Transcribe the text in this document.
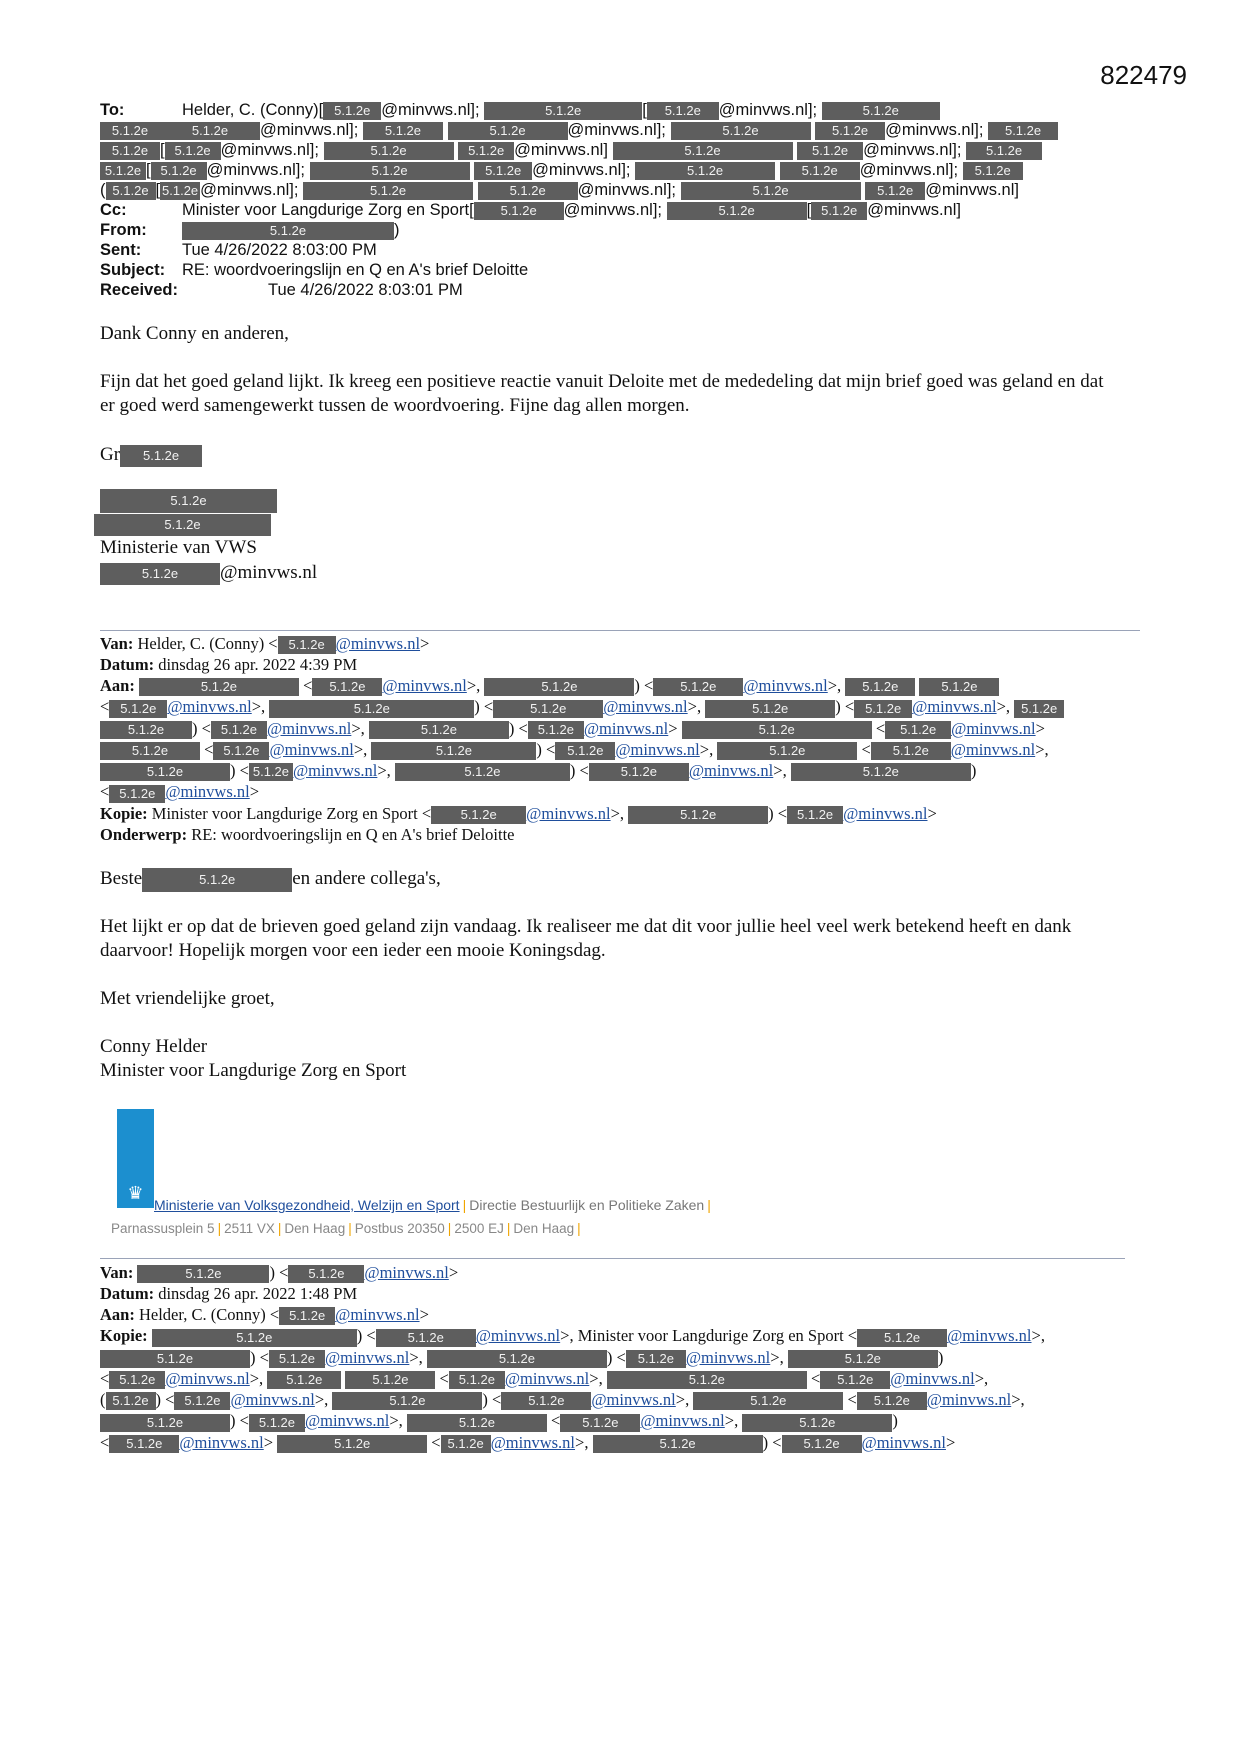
822479
To:	Helder, C. (Conny)[ 5.1.2e @minvws.nl];	5.1.2e	[ 5.1.2e @minvws.nl];	5.1.2e
5.1.2e	5.1.2e @minvws.nl]; 5.1.2e	5.1.2e	@minvws.nl];	5.1.2e	5.1.2e @minvws.nl]; 5.1.2e
5.1.2e [ 5.1.2e @minvws.nl];	5.1.2e	5.1.2e @minvws.nl]	5.1.2e	5.1.2e @minvws.nl]; 5.1.2e
5.1.2e [ 5.1.2e @minvws.nl];	5.1.2e	5.1.2e @minvws.nl];	5.1.2e	5.1.2e @minvws.nl]; 5.1.2e
( 5.1.2e [ 5.1.2e @minvws.nl];	5.1.2e	5.1.2e @minvws.nl];	5.1.2e	5.1.2e @minvws.nl]
Cc:	Minister voor Langdurige Zorg en Sport[ 5.1.2e @minvws.nl];	5.1.2e	[ 5.1.2e @minvws.nl]
From:	5.1.2e	)
Sent:	Tue 4/26/2022 8:03:00 PM
Subject:	RE: woordvoeringslijn en Q en A's brief Deloitte
Received:	Tue 4/26/2022 8:03:01 PM
Dank Conny en anderen,
Fijn dat het goed geland lijkt. Ik kreeg een positieve reactie vanuit Deloite met de mededeling dat mijn brief goed was geland en dat er goed werd samengewerkt tussen de woordvoering. Fijne dag allen morgen.
Gr 5.1.2e
5.1.2e
5.1.2e
Ministerie van VWS
5.1.2e @minvws.nl
Van: Helder, C. (Conny) < 5.1.2e @minvws.nl>
Datum: dinsdag 26 apr. 2022 4:39 PM
Aan:	5.1.2e	< 5.1.2e @minvws.nl>,	5.1.2e	) < 5.1.2e @minvws.nl>, 5.1.2e	5.1.2e
< 5.1.2e @minvws.nl>,	5.1.2e	) <	5.1.2e @minvws.nl>,	5.1.2e	) < 5.1.2e @minvws.nl>, 5.1.2e
5.1.2e ) < 5.1.2e @minvws.nl>,	5.1.2e	) < 5.1.2e @minvws.nl>	5.1.2e	< 5.1.2e @minvws.nl>
5.1.2e < 5.1.2e @minvws.nl>,	5.1.2e	) < 5.1.2e @minvws.nl>,	5.1.2e	< 5.1.2e @minvws.nl>,
5.1.2e	) < 5.1.2e @minvws.nl>,	5.1.2e	) < 5.1.2e @minvws.nl>,	5.1.2e	)
< 5.1.2e @minvws.nl>
Kopie: Minister voor Langdurige Zorg en Sport < 5.1.2e @minvws.nl>,	5.1.2e	) < 5.1.2e @minvws.nl>
Onderwerp: RE: woordvoeringslijn en Q en A's brief Deloitte
Beste	5.1.2e	en andere collega's,
Het lijkt er op dat de brieven goed geland zijn vandaag. Ik realiseer me dat dit voor jullie heel veel werk betekend heeft en dank daarvoor! Hopelijk morgen voor een ieder een mooie Koningsdag.
Met vriendelijke groet,
Conny Helder
Minister voor Langdurige Zorg en Sport
♛
Ministerie van Volksgezondheid, Welzijn en Sport | Directie Bestuurlijk en Politieke Zaken |
Parnassusplein 5 | 2511 VX | Den Haag | Postbus 20350 | 2500 EJ | Den Haag |
Van:	5.1.2e	) < 5.1.2e @minvws.nl>
Datum: dinsdag 26 apr. 2022 1:48 PM
Aan: Helder, C. (Conny) < 5.1.2e @minvws.nl>
Kopie:	5.1.2e	) < 5.1.2e @minvws.nl>, Minister voor Langdurige Zorg en Sport < 5.1.2e @minvws.nl>,
5.1.2e	) < 5.1.2e @minvws.nl>,	5.1.2e	) < 5.1.2e @minvws.nl>,	5.1.2e	)
< 5.1.2e @minvws.nl>, 5.1.2e	5.1.2e < 5.1.2e @minvws.nl>,	5.1.2e	< 5.1.2e @minvws.nl>,
( 5.1.2e ) < 5.1.2e @minvws.nl>,	5.1.2e	) < 5.1.2e @minvws.nl>,	5.1.2e	< 5.1.2e @minvws.nl>,
5.1.2e	) < 5.1.2e @minvws.nl>,	5.1.2e	< 5.1.2e @minvws.nl>,	5.1.2e	)
< 5.1.2e @minvws.nl>	5.1.2e	< 5.1.2e @minvws.nl>,	5.1.2e	) < 5.1.2e @minvws.nl>
